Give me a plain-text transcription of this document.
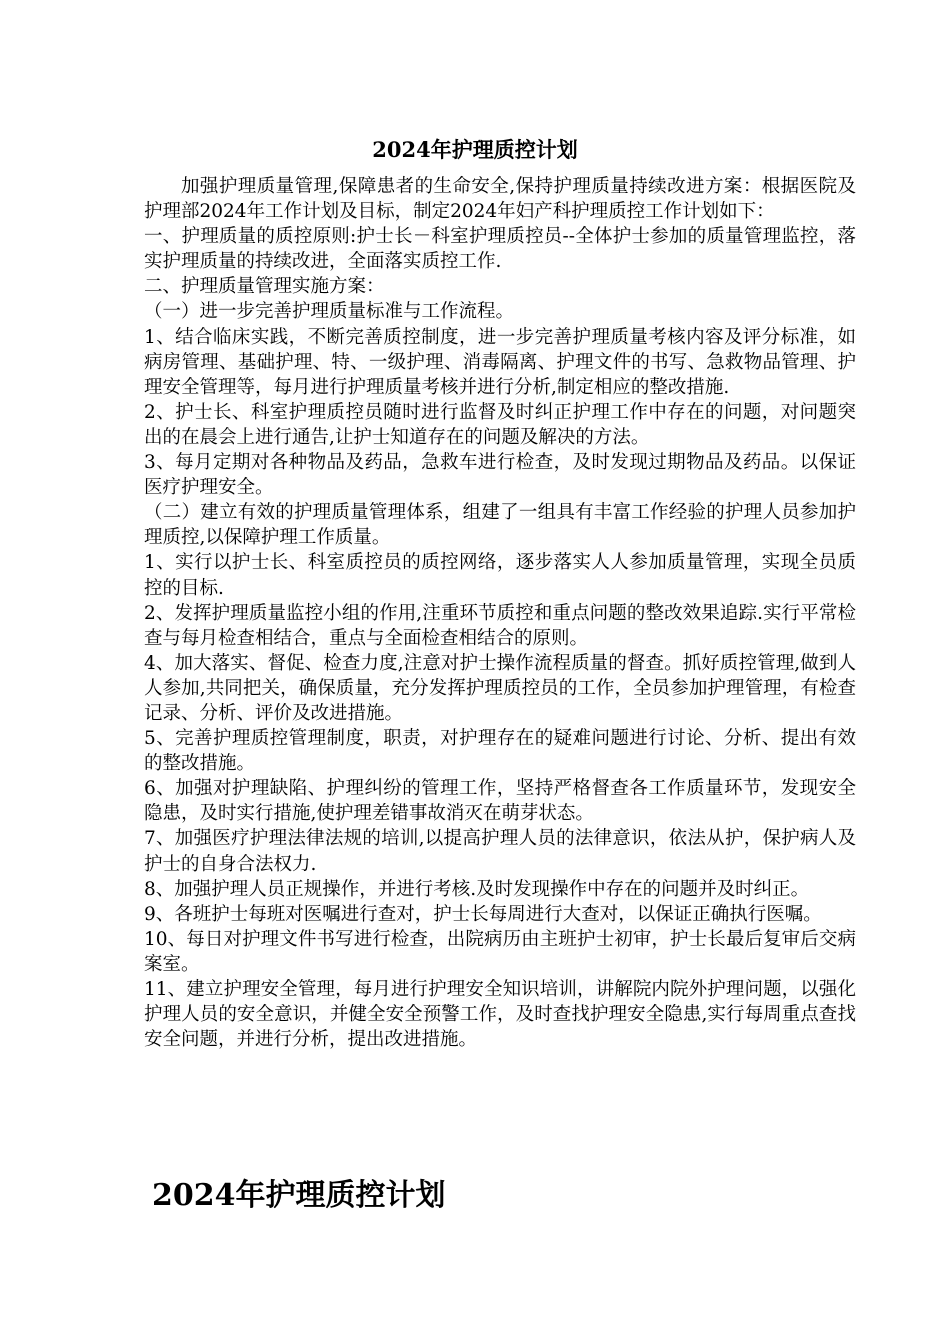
2024年护理质控计划

加强护理质量管理,保障患者的生命安全,保持护理质量持续改进方案：根据医院及护理部2024年工作计划及目标，制定2024年妇产科护理质控工作计划如下：

一、护理质量的质控原则:护士长－科室护理质控员--全体护士参加的质量管理监控，落实护理质量的持续改进，全面落实质控工作.

二、护理质量管理实施方案：

（一）进一步完善护理质量标准与工作流程。

1、结合临床实践，不断完善质控制度，进一步完善护理质量考核内容及评分标准，如病房管理、基础护理、特、一级护理、消毒隔离、护理文件的书写、急救物品管理、护理安全管理等，每月进行护理质量考核并进行分析,制定相应的整改措施.

2、护士长、科室护理质控员随时进行监督及时纠正护理工作中存在的问题，对问题突出的在晨会上进行通告,让护士知道存在的问题及解决的方法。

3、每月定期对各种物品及药品，急救车进行检查，及时发现过期物品及药品。以保证医疗护理安全。

（二）建立有效的护理质量管理体系，组建了一组具有丰富工作经验的护理人员参加护理质控,以保障护理工作质量。

1、实行以护士长、科室质控员的质控网络，逐步落实人人参加质量管理，实现全员质控的目标.

2、发挥护理质量监控小组的作用,注重环节质控和重点问题的整改效果追踪.实行平常检查与每月检查相结合，重点与全面检查相结合的原则。

4、加大落实、督促、检查力度,注意对护士操作流程质量的督查。抓好质控管理,做到人人参加,共同把关，确保质量，充分发挥护理质控员的工作，全员参加护理管理，有检查记录、分析、评价及改进措施。

5、完善护理质控管理制度，职责，对护理存在的疑难问题进行讨论、分析、提出有效的整改措施。

6、加强对护理缺陷、护理纠纷的管理工作，坚持严格督查各工作质量环节，发现安全隐患，及时实行措施,使护理差错事故消灭在萌芽状态。

7、加强医疗护理法律法规的培训,以提高护理人员的法律意识，依法从护，保护病人及护士的自身合法权力.

8、加强护理人员正规操作，并进行考核.及时发现操作中存在的问题并及时纠正。

9、各班护士每班对医嘱进行查对，护士长每周进行大查对，以保证正确执行医嘱。

10、每日对护理文件书写进行检查，出院病历由主班护士初审，护士长最后复审后交病案室。

11、建立护理安全管理，每月进行护理安全知识培训，讲解院内院外护理问题，以强化护理人员的安全意识，并健全安全预警工作，及时查找护理安全隐患,实行每周重点查找安全问题，并进行分析，提出改进措施。

2024年护理质控计划
